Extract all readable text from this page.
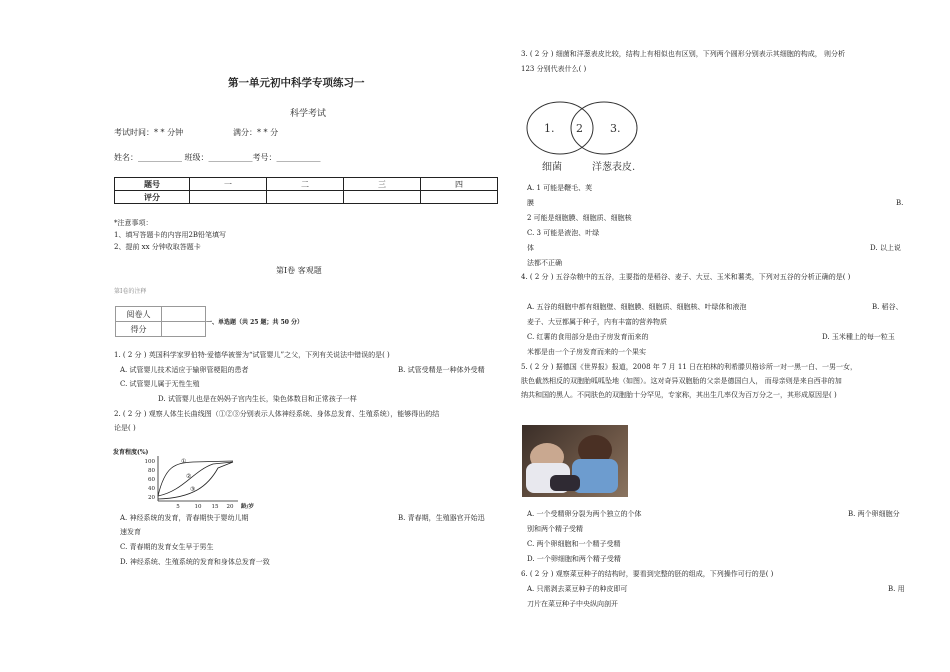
第一单元初中科学专项练习一
科学考试
考试时间：* * 分钟	满分：* * 分
姓名：___________ 班级：___________考号：___________
题号	一	二	三	四
评分				
*注意事项：
1、填写答题卡的内容用2B铅笔填写
2、提前 xx 分钟收取答题卡
第Ⅰ卷 客观题
第Ⅰ卷的注释
阅卷人	
得分	
一、单选题（共 25 题；共 50 分）
1. ( 2 分 ) 英国科学家罗伯特·爱德华被誉为“试管婴儿”之父，下列有关说法中错误的是( )
A. 试管婴儿技术适应于输卵管梗阻的患者	B. 试管受精是一种体外受精
C. 试管婴儿属于无性生殖
D. 试管婴儿也是在妈妈子宫内生长，染色体数目和正常孩子一样
2. ( 2 分 ) 观察人体生长曲线图（①②③分别表示人体神经系统、身体总发育、生殖系统），能够得出的结
论是( )
发育程度(%)
100
80
60
40
20
①
②
③
5	10 15 20 龄/岁
A. 神经系统的发育，青春期快于婴幼儿期	B. 青春期，生殖器官开始迅
速发育
C. 青春期的发育女生早于男生
D. 神经系统、生殖系统的发育和身体总发育一致
3. ( 2 分 ) 细菌和洋葱表皮比较，结构上有相似也有区别，下列两个圆形分别表示其细胞的构成， 则分析
123 分别代表什么( )
1. 2 3.
细菌	洋葱表皮.
A. 1 可能是鞭毛、荚
膜	B.
2 可能是细胞膜、细胞质、细胞核
C. 3 可能是液泡、叶绿
体	D. 以上说
法都不正确
4. ( 2 分 ) 五谷杂粮中的五谷，主要指的是稻谷、麦子、大豆、玉米和薯类，下列对五谷的分析正确的是( )
A. 五谷的细胞中都有细胞壁、细胞膜、细胞质、细胞核、叶绿体和液泡	B. 稻谷、
麦子、大豆都属于种子，内有丰富的营养物质
C. 红薯的食用部分是由子房发育而来的	D. 玉米種上的每一粒玉
米都是由一个子房发育而来的一个果实
5. ( 2 分 ) 据德国《世界报》报道，2008 年 7 月 11 日在柏林的利希滕贝格诊所一对一黑一白、一男一女，
肤色截然相反的双胞胎呱呱坠地（如图）。这对奇异双胞胎的父亲是德国白人， 而母亲则是来自西非的加
纳共和国的黑人。不同肤色的双胞胎十分罕见，专家称，其出生几率仅为百万分之一，其形成原因是( )
A. 一个受精卵分裂为两个独立的个体	B. 两个卵细胞分
别和两个精子受精
C. 两个卵细胞和一个精子受精
D. 一个卵细胞和两个精子受精
6. ( 2 分 ) 观察菜豆种子的结构时，要看到完整的胚的组成，下列操作可行的是( )
A. 只需剥去菜豆种子的种皮即可	B. 用
刀片在菜豆种子中央纵向剖开
